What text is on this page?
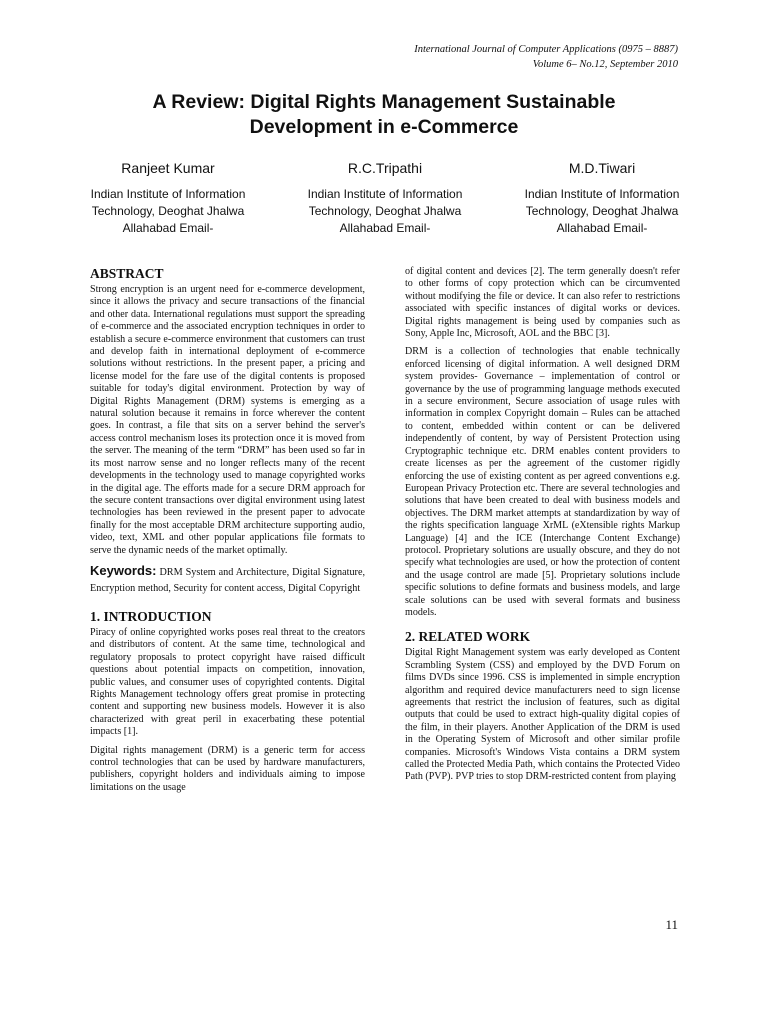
International Journal of Computer Applications (0975 – 8887)
Volume 6– No.12, September 2010
A Review: Digital Rights Management Sustainable
Development in e-Commerce
Ranjeet Kumar
Indian Institute of Information
Technology, Deoghat Jhalwa
Allahabad Email-
R.C.Tripathi
Indian Institute of Information
Technology, Deoghat Jhalwa
Allahabad Email-
M.D.Tiwari
Indian Institute of Information
Technology, Deoghat Jhalwa
Allahabad Email-
ABSTRACT

Strong encryption is an urgent need for e-commerce development, since it allows the privacy and secure transactions of the financial and other data. International regulations must support the spreading of e-commerce and the associated encryption techniques in order to establish a secure e-commerce environment that customers can trust and develop faith in international deployment of e-commerce solutions without restrictions. In the present paper, a pricing and license model for the fare use of the digital contents is proposed suitable for today's digital environment. Protection by way of Digital Rights Management (DRM) systems is emerging as a natural solution because it remains in force wherever the content goes. In contrast, a file that sits on a server behind the server's access control mechanism loses its protection once it is moved from the server. The meaning of the term “DRM” has been used so far in its most narrow sense and no longer reflects many of the recent developments in the technology used to manage copyrighted works in the digital age. The efforts made for a secure DRM approach for the secure content transactions over digital environment using latest technologies has been reviewed in the present paper to advocate finally for the most acceptable DRM architecture supporting audio, video, text, XML and other popular applications file formats to serve the dynamic needs of the market optimally.

Keywords: DRM System and Architecture, Digital Signature, Encryption method, Security for content access, Digital Copyright
1. INTRODUCTION

Piracy of online copyrighted works poses real threat to the creators and distributors of content. At the same time, technological and regulatory proposals to protect copyright have raised difficult questions about potential impacts on competition, innovation, public values, and consumer uses of copyrighted contents. Digital Rights Management technology offers great promise in protecting content and supporting new business models. However it is also characterized with great peril in exacerbating these potential impacts [1].

Digital rights management (DRM) is a generic term for access control technologies that can be used by hardware manufacturers, publishers, copyright holders and individuals aiming to impose limitations on the usage

of digital content and devices [2]. The term generally doesn't refer to other forms of copy protection which can be circumvented without modifying the file or device. It can also refer to restrictions associated with specific instances of digital works or devices. Digital rights management is being used by companies such as Sony, Apple Inc, Microsoft, AOL and the BBC [3].

DRM is a collection of technologies that enable technically enforced licensing of digital information. A well designed DRM system provides- Governance – implementation of control or governance by the use of programming language methods executed in a secure environment, Secure association of usage rules with information in complex Copyright domain – Rules can be attached to content, embedded within content or can be delivered independently of content, by way of Persistent Protection using Cryptographic technique etc. DRM enables content providers to create licenses as per the agreement of the customer rigidly enforcing the use of existing content as per agreed conventions e.g. European Privacy Protection etc. There are several technologies and solutions that have been created to deal with business models and objectives. The DRM market attempts at standardization by way of the rights specification language XrML (eXtensible rights Markup Language) [4] and the ICE (Interchange Content Exchange) protocol. Proprietary solutions are usually obscure, and they do not specify what technologies are used, or how the protection of content and the usage control are made [5]. Proprietary solutions include specific solutions to define formats and business models, and large scale solutions can be used with several formats and business models.

2. RELATED WORK

Digital Right Management system was early developed as Content Scrambling System (CSS) and employed by the DVD Forum on films DVDs since 1996. CSS is implemented in simple encryption algorithm and required device manufacturers need to sign license agreements that restrict the inclusion of features, such as digital outputs that could be used to extract high-quality digital copies of the film, in their players. Another Application of the DRM is used in the Operating System of Microsoft and other similar profile companies. Microsoft's Windows Vista contains a DRM system called the Protected Media Path, which contains the Protected Video Path (PVP). PVP tries to stop DRM-restricted content from playing

11
